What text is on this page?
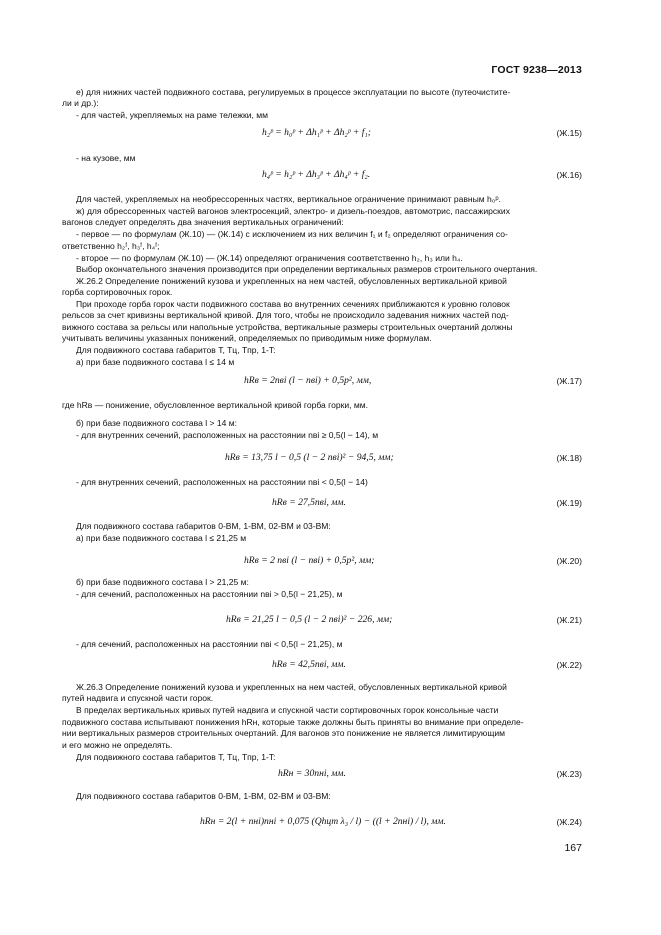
ГОСТ 9238—2013
е) для нижних частей подвижного состава, регулируемых в процессе эксплуатации по высоте (путеочистите-
ли и др.):
- для частей, укрепляемых на раме тележки, мм
h₂ᵖ = h₀ᵖ + Δh₁ᵖ + Δh₂ᵖ + f₁;	(Ж.15)
- на кузове, мм
h₄ᵖ = h₂ᵖ + Δh₃ᵖ + Δh₄ᵖ + f₂.	(Ж.16)
Для частей, укрепляемых на необрессоренных частях, вертикальное ограничение принимают равным h₀ᵖ.
ж) для обрессоренных частей вагонов электросекций, электро- и дизель-поездов, автомотрис, пассажирских
вагонов следует определять два значения вертикальных ограничений:
- первое — по формулам (Ж.10) — (Ж.14) с исключением из них величин f₁ и f₂ определяют ограничения со-
ответственно h₂ᶠ, h₃ᶠ, h₄ᶠ;
- второе — по формулам (Ж.10) — (Ж.14) определяют ограничения соответственно h₂, h₃ или h₄.
Выбор окончательного значения производится при определении вертикальных размеров строительного очертания.
Ж.26.2 Определение понижений кузова и укрепленных на нем частей, обусловленных вертикальной кривой
горба сортировочных горок.
При проходе горба горок части подвижного состава во внутренних сечениях приближаются к уровню головок
рельсов за счет кривизны вертикальной кривой. Для того, чтобы не происходило задевания нижних частей под-
вижного состава за рельсы или напольные устройства, вертикальные размеры строительных очертаний должны
учитывать величины указанных понижений, определяемых по приводимым ниже формулам.
Для подвижного состава габаритов T, Tц, Tпр, 1-T:
а) при базе подвижного состава l ≤ 14 м
hRв = 2nвi (l − nвi) + 0,5p², мм,	(Ж.17)
где hRв — понижение, обусловленное вертикальной кривой горба горки, мм.
б) при базе подвижного состава l > 14 м:
- для внутренних сечений, расположенных на расстоянии nвi ≥ 0,5(l − 14), м
hRв = 13,75 l − 0,5 (l − 2 nвi)² − 94,5, мм;	(Ж.18)
- для внутренних сечений, расположенных на расстоянии nвi < 0,5(l − 14)
hRв = 27,5nвi, мм.	(Ж.19)
Для подвижного состава габаритов 0-ВМ, 1-ВМ, 02-ВМ и 03-ВМ:
а) при базе подвижного состава l ≤ 21,25 м
hRв = 2 nвi (l − nвi) + 0,5p², мм;	(Ж.20)
б) при базе подвижного состава l > 21,25 м:
- для сечений, расположенных на расстоянии nвi > 0,5(l − 21,25), м
hRв = 21,25 l − 0,5 (l − 2 nвi)² − 226, мм;	(Ж.21)
- для сечений, расположенных на расстоянии nвi < 0,5(l − 21,25), м
hRв = 42,5nвi, мм.	(Ж.22)
Ж.26.3 Определение понижений кузова и укрепленных на нем частей, обусловленных вертикальной кривой
путей надвига и спускной части горок.
В пределах вертикальных кривых путей надвига и спускной части сортировочных горок консольные части
подвижного состава испытывают понижения hRн, которые также должны быть приняты во внимание при определе-
нии вертикальных размеров строительных очертаний. Для вагонов это понижение не является лимитирующим
и его можно не определять.
Для подвижного состава габаритов T, Tц, Tпр, 1-T:
hRн = 30nнi, мм.	(Ж.23)
Для подвижного состава габаритов 0-ВМ, 1-ВМ, 02-ВМ и 03-ВМ:
hRн = 2(l + nнi)nнi + 0,075 (Qhцт λ₃ / l) − ((l + 2nнi) / l), мм.	(Ж.24)
167
